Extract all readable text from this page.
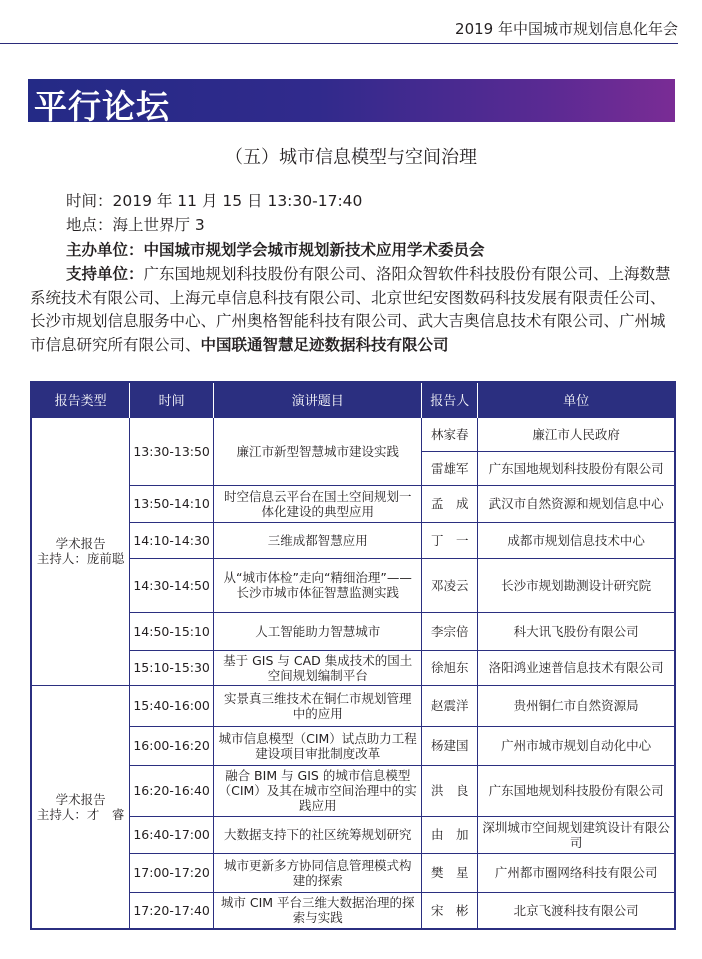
2019 年中国城市规划信息化年会
平行论坛
（五）城市信息模型与空间治理
时间：2019 年 11 月 15 日 13:30-17:40
地点：海上世界厅 3
主办单位：中国城市规划学会城市规划新技术应用学术委员会
支持单位：广东国地规划科技股份有限公司、洛阳众智软件科技股份有限公司、上海数慧系统技术有限公司、上海元卓信息科技有限公司、北京世纪安图数码科技发展有限责任公司、长沙市规划信息服务中心、广州奥格智能科技有限公司、武大吉奥信息技术有限公司、广州城市信息研究所有限公司、中国联通智慧足迹数据科技有限公司
报告类型	时间	演讲题目	报告人	单位

学术报告
主持人：庞前聪	13:30-13:50	廉江市新型智慧城市建设实践	林家春	廉江市人民政府
			雷雄军	广东国地规划科技股份有限公司
	13:50-14:10	时空信息云平台在国土空间规划一体化建设的典型应用	孟　成	武汉市自然资源和规划信息中心
	14:10-14:30	三维成都智慧应用	丁　一	成都市规划信息技术中心
	14:30-14:50	从“城市体检”走向“精细治理”——长沙市城市体征智慧监测实践	邓凌云	长沙市规划勘测设计研究院
	14:50-15:10	人工智能助力智慧城市	李宗倍	科大讯飞股份有限公司
	15:10-15:30	基于 GIS 与 CAD 集成技术的国土空间规划编制平台	徐旭东	洛阳鸿业速普信息技术有限公司

学术报告
主持人：才　睿	15:40-16:00	实景真三维技术在铜仁市规划管理中的应用	赵震洋	贵州铜仁市自然资源局
	16:00-16:20	城市信息模型（CIM）试点助力工程建设项目审批制度改革	杨建国	广州市城市规划自动化中心
	16:20-16:40	融合 BIM 与 GIS 的城市信息模型（CIM）及其在城市空间治理中的实践应用	洪　良	广东国地规划科技股份有限公司
	16:40-17:00	大数据支持下的社区统筹规划研究	由　加	深圳城市空间规划建筑设计有限公司
	17:00-17:20	城市更新多方协同信息管理模式构建的探索	樊　星	广州都市圈网络科技有限公司
	17:20-17:40	城市 CIM 平台三维大数据治理的探索与实践	宋　彬	北京飞渡科技有限公司
